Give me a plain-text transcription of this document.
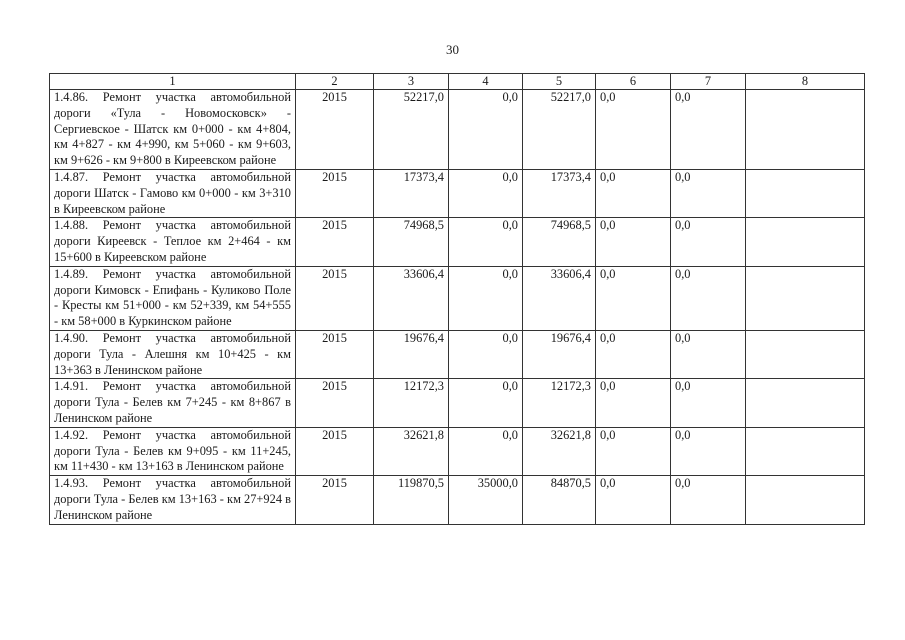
30
1	2	3	4	5	6	7	8
1.4.86. Ремонт участка автомобильной дороги «Тула - Новомосковск» - Сергиевское - Шатск км 0+000 - км 4+804, км 4+827 - км 4+990, км 5+060 - км 9+603, км 9+626 - км 9+800 в Киреевском районе	2015	52217,0	0,0	52217,0	0,0	0,0	
1.4.87. Ремонт участка автомобильной дороги Шатск - Гамово км 0+000 - км 3+310 в Киреевском районе	2015	17373,4	0,0	17373,4	0,0	0,0	
1.4.88. Ремонт участка автомобильной дороги Киреевск - Теплое км 2+464 - км 15+600 в Киреевском районе	2015	74968,5	0,0	74968,5	0,0	0,0	
1.4.89. Ремонт участка автомобильной дороги Кимовск - Епифань - Куликово Поле - Кресты км 51+000 - км 52+339, км 54+555 - км 58+000 в Куркинском районе	2015	33606,4	0,0	33606,4	0,0	0,0	
1.4.90. Ремонт участка автомобильной дороги Тула - Алешня км 10+425 - км 13+363 в Ленинском районе	2015	19676,4	0,0	19676,4	0,0	0,0	
1.4.91. Ремонт участка автомобильной дороги Тула - Белев км 7+245 - км 8+867 в Ленинском районе	2015	12172,3	0,0	12172,3	0,0	0,0	
1.4.92. Ремонт участка автомобильной дороги Тула - Белев км 9+095 - км 11+245, км 11+430 - км 13+163 в Ленинском районе	2015	32621,8	0,0	32621,8	0,0	0,0	
1.4.93. Ремонт участка автомобильной дороги Тула - Белев км 13+163 - км 27+924 в Ленинском районе	2015	119870,5	35000,0	84870,5	0,0	0,0	
